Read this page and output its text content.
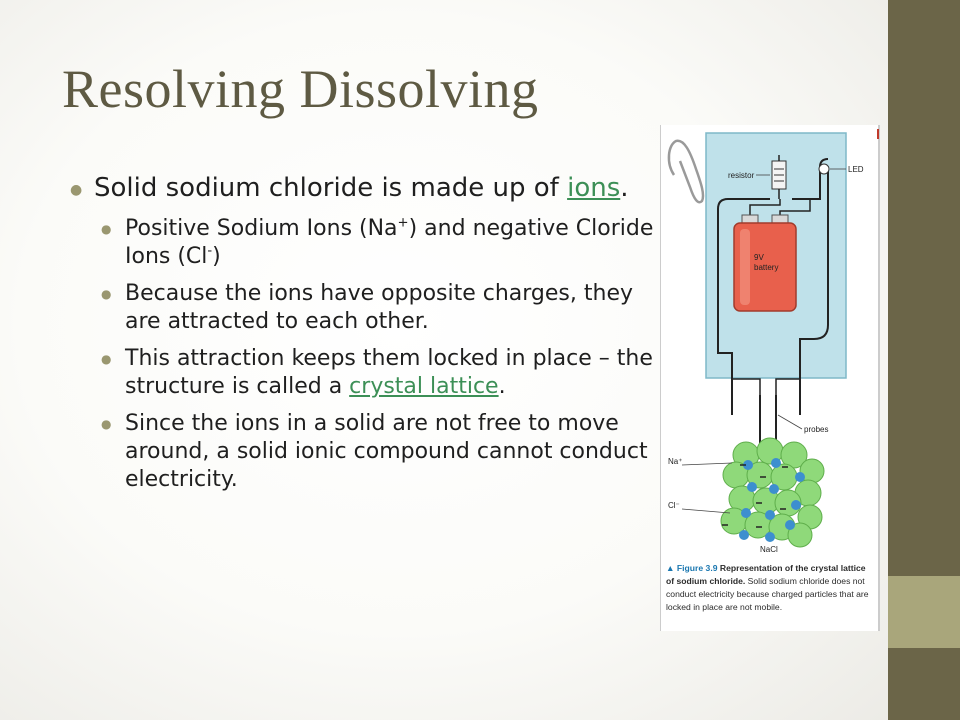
Resolving Dissolving
● Solid sodium chloride is made up of ions.
● Positive Sodium Ions (Na+) and negative Cloride Ions (Cl-)
● Because the ions have opposite charges, they are attracted to each other.
● This attraction keeps them locked in place – the structure is called a crystal lattice.
● Since the ions in a solid are not free to move around, a solid ionic compound cannot conduct electricity.
resistor
LED
9V
battery
probes
Na⁺
Cl⁻
NaCl
▲ Figure 3.9 Representation of the crystal lattice of sodium chloride. Solid sodium chloride does not conduct electricity because charged particles that are locked in place are not mobile.
